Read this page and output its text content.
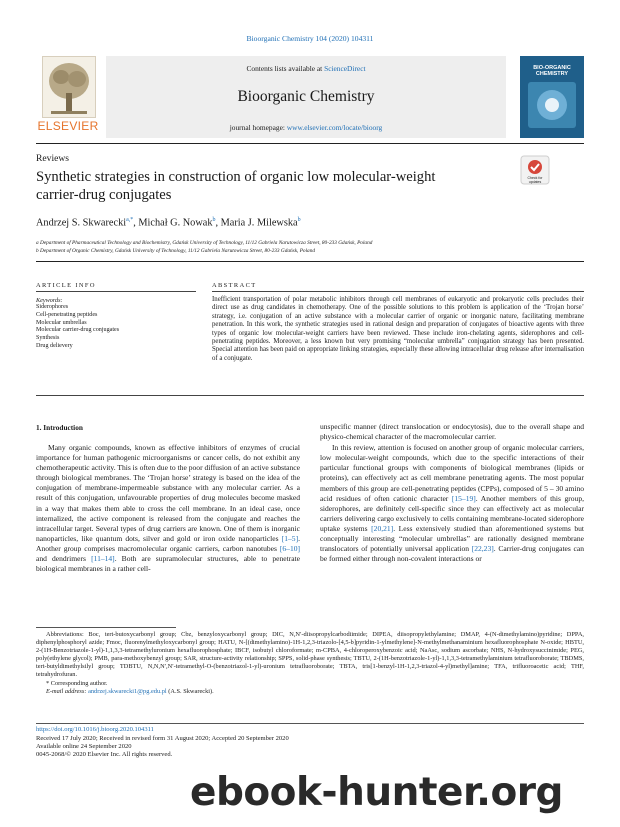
Bioorganic Chemistry 104 (2020) 104311
ELSEVIER
Contents lists available at ScienceDirect
Bioorganic Chemistry
journal homepage: www.elsevier.com/locate/bioorg
BIO-ORGANIC CHEMISTRY
Reviews
Synthetic strategies in construction of organic low molecular-weight carrier-drug conjugates
Check for updates
Andrzej S. Skwarecki$^{a,*}$, Michał G. Nowak$^b$, Maria J. Milewska$^b$
a Department of Pharmaceutical Technology and Biochemistry, Gdańsk University of Technology, 11/12 Gabriela Narutowicza Street, 80-233 Gdańsk, Poland
b Department of Organic Chemistry, Gdańsk University of Technology, 11/12 Gabriela Narutowicza Street, 80-233 Gdańsk, Poland
ARTICLE INFO
Keywords:
Siderophores
Cell-penetrating peptides
Molecular umbrellas
Molecular carrier-drug conjugates
Synthesis
Drug delievery
ABSTRACT
Inefficient transportation of polar metabolic inhibitors through cell membranes of eukaryotic and prokaryotic cells precludes their direct use as drug candidates in chemotherapy. One of the possible solutions to this problem is application of the ‘Trojan horse’ strategy, i.e. conjugation of an active substance with a molecular carrier of organic or inorganic nature, facilitating membrane penetration. In this work, the synthetic strategies used in rational design and preparation of conjugates of bioactive agents with three types of organic low molecular-weight carriers have been reviewed. These include iron-chelating agents, siderophores and cell-penetrating peptides. Moreover, a less known but very promising “molecular umbrella” conjugation strategy has been presented. Special attention has been paid on appropriate linking strategies, especially these allowing intracellular drug release after internalisation of a conjugate.
1. Introduction

Many organic compounds, known as effective inhibitors of enzymes of crucial importance for human pathogenic microorganisms or cancer cells, do not exhibit any chemotherapeutic activity. This is often due to the poor diffusion of an active substance through biological membranes. The ‘Trojan horse’ strategy is based on the idea of the conjugation of membrane-impermeable substance with any molecular carrier. As a result of this conjugation, unfavourable properties of drug molecules become masked in a way that makes them able to cross the cell membrane. In an ideal case, once internalized, the active component is released from the conjugate and reaches the intracellular target. Several types of drug carriers are known. One of them is inorganic nanoparticles, like quantum dots, silver and gold or iron oxide nanoparticles [1–5]. Another group comprises macromolecular organic carriers, carbon nanotubes [6–10] and dendrimers [11–14]. Both are supramolecular structures, able to penetrate biological membranes in a rather cell-

unspecific manner (direct translocation or endocytosis), due to the overall shape and physico-chemical character of the macromolecular carrier.

In this review, attention is focused on another group of organic molecular carriers, low molecular-weight compounds, which due to the specific interactions of their particular functional groups with components of biological membranes (lipids or proteins), can effectively act as cell membrane penetrating agents. The most popular members of this group are cell-penetrating peptides (CPPs), composed of 5 – 30 amino acid residues of often cationic character [15–19]. Another members of this group, siderophores, are definitely cell-specific since they can effectively act as molecular carriers delivering cargo exclusively to cells containing membrane-located siderophore uptake systems [20,21]. Less extensively studied than aforementioned systems but conceptually interesting “molecular umbrellas” are rationally designed membrane translocators of potentially universal application [22,23]. Carrier-drug conjugates can be formed either through non-covalent interactions or

Abbreviations: Boc, tert-butoxycarbonyl group; Cbz, benzyloxycarbonyl group; DIC, N,N′-diisopropylcarbodiimide; DIPEA, diisopropylethylamine; DMAP, 4-(N-dimethylamino)pyridine; DPPA, diphenylphosphoryl azide; Fmoc, fluorenylmethyloxycarbonyl group; HATU, N-[(dimethylamino)-1H-1,2,3-triazolo-[4,5-b]pyridin-1-ylmethylene]-N-methylmethanaminium hexafluorophosphate N-oxide; HBTU, 2-(1H-Benzotriazole-1-yl)-1,1,3,3-tetramethyluronium hexafluorophosphate; IBCF, isobutyl chloroformate; m-CPBA, 4-chloroperoxybenzoic acid; NaAsc, sodium ascorbate; NHS, N-hydroxysuccinimide; PEG, poly(ethylene glycol); PMB, para-methoxybenzyl group; SAR, structure-activity relationship; SPPS, solid-phase synthesis; TBTU, 2-(1H-benzotriazole-1-yl)-1,1,3,3-tetramethylaminium tetrafluoroborate; TBDMS, tert-butyldimethylsilyl group; TDBTU, N,N,N′,N′-tetramethyl-O-(benzotriazol-1-yl)-uronium tetrafluoroborate; TBTA, tris[1-benzyl-1H-1,2,3-triazol-4-yl)methyl]amine; TFA, trifluoroacetic acid; THF, tetrahydrofuran.

* Corresponding author.

E-mail address: andrzej.skwarecki1@pg.edu.pl (A.S. Skwarecki).

https://doi.org/10.1016/j.bioorg.2020.104311
Received 17 July 2020; Received in revised form 31 August 2020; Accepted 20 September 2020
Available online 24 September 2020
0045-2068/© 2020 Elsevier Inc. All rights reserved.
ebook-hunter.org
